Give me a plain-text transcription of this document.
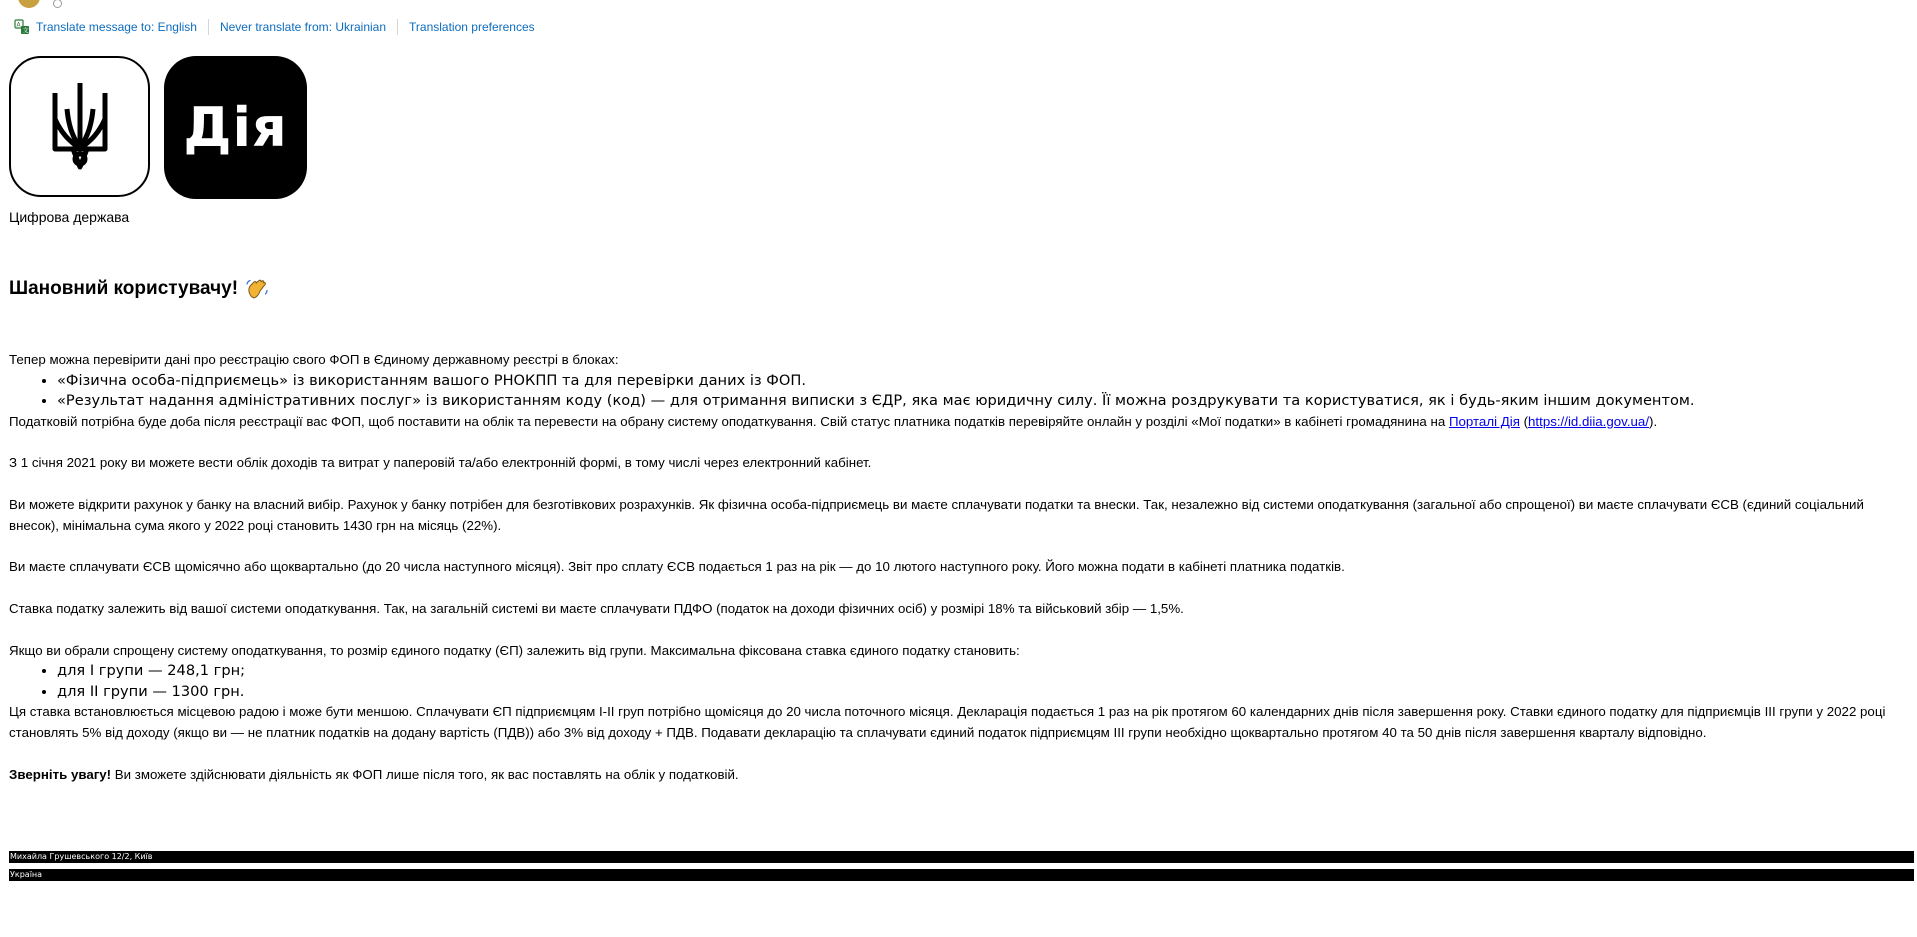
A
文 Translate message to: English Never translate from: Ukrainian Translation preferences
Дія
Цифрова держава
Шановний користувачу!

Тепер можна перевірити дані про реєстрацію свого ФОП в Єдиному державному реєстрі в блоках:

• «Фізична особа-підприємець» із використанням вашого РНОКПП та для перевірки даних із ФОП.
• «Результат надання адміністративних послуг» із використанням коду (код) — для отримання виписки з ЄДР, яка має юридичну силу. Її можна роздрукувати та користуватися, як і будь-яким іншим документом.

Податковій потрібна буде доба після реєстрації вас ФОП, щоб поставити на облік та перевести на обрану систему оподаткування. Свій статус платника податків перевіряйте онлайн у розділі «Мої податки» в кабінеті громадянина на Порталі Дія (https://id.diia.gov.ua/).

З 1 січня 2021 року ви можете вести облік доходів та витрат у паперовій та/або електронній формі, в тому числі через електронний кабінет.

Ви можете відкрити рахунок у банку на власний вибір. Рахунок у банку потрібен для безготівкових розрахунків. Як фізична особа-підприємець ви маєте сплачувати податки та внески. Так, незалежно від системи оподаткування (загальної або спрощеної) ви маєте сплачувати ЄСВ (єдиний соціальний внесок), мінімальна сума якого у 2022 році становить 1430 грн на місяць (22%).

Ви маєте сплачувати ЄСВ щомісячно або щоквартально (до 20 числа наступного місяця). Звіт про сплату ЄСВ подається 1 раз на рік — до 10 лютого наступного року. Його можна подати в кабінеті платника податків.

Ставка податку залежить від вашої системи оподаткування. Так, на загальній системі ви маєте сплачувати ПДФО (податок на доходи фізичних осіб) у розмірі 18% та військовий збір — 1,5%.

Якщо ви обрали спрощену систему оподаткування, то розмір єдиного податку (ЄП) залежить від групи. Максимальна фіксована ставка єдиного податку становить:

• для I групи — 248,1 грн;
• для II групи — 1300 грн.

Ця ставка встановлюється місцевою радою і може бути меншою. Сплачувати ЄП підприємцям I-II груп потрібно щомісяця до 20 числа поточного місяця. Декларація подається 1 раз на рік протягом 60 календарних днів після завершення року. Ставки єдиного податку для підприємців III групи у 2022 році становлять 5% від доходу (якщо ви — не платник податків на додану вартість (ПДВ)) або 3% від доходу + ПДВ. Подавати декларацію та сплачувати єдиний податок підприємцям III групи необхідно щоквартально протягом 40 та 50 днів після завершення кварталу відповідно.

Зверніть увагу! Ви зможете здійснювати діяльність як ФОП лише після того, як вас поставлять на облік у податковій.

Михайла Грушевського 12/2, Київ
Україна
